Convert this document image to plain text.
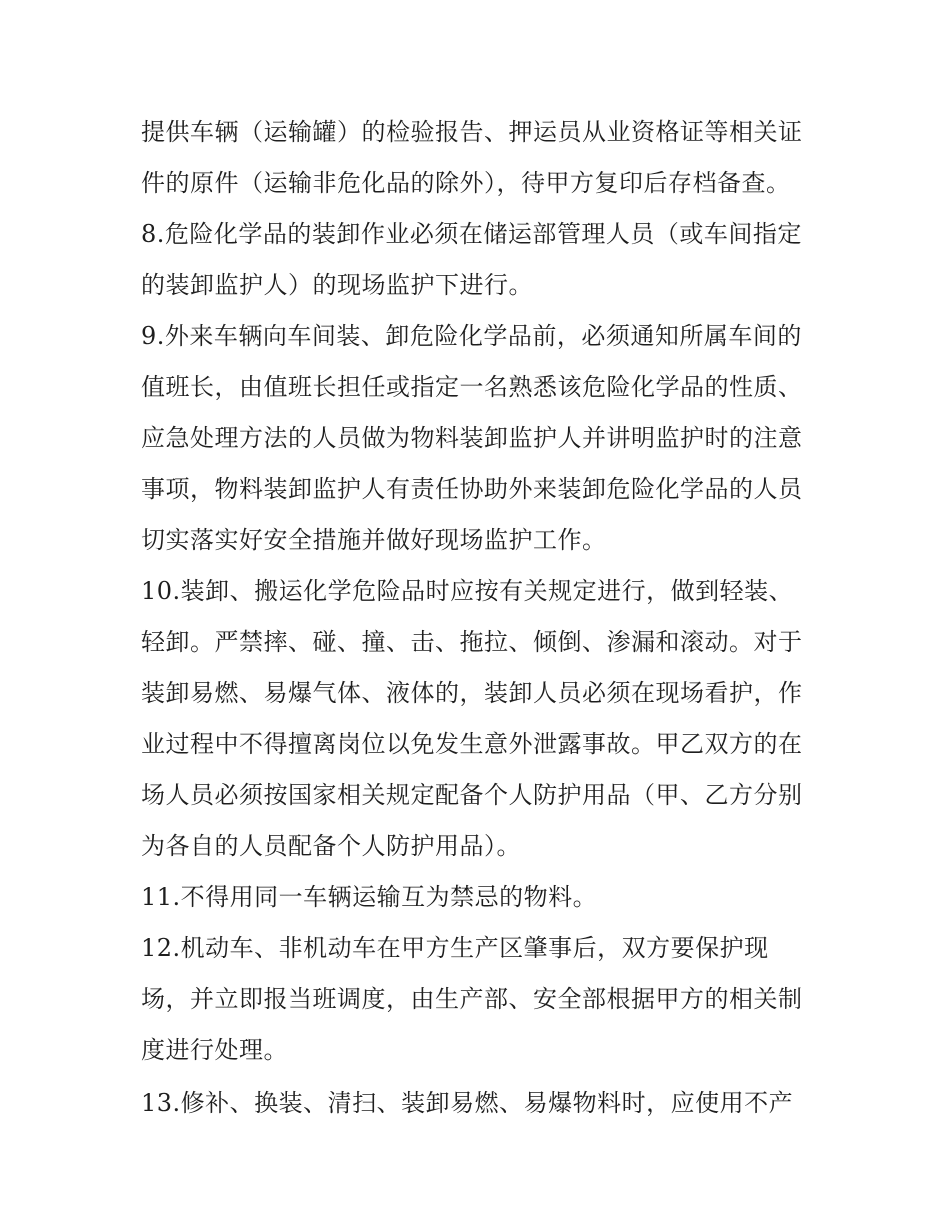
提供车辆（运输罐）的检验报告、押运员从业资格证等相关证
件的原件（运输非危化品的除外），待甲方复印后存档备查。
8.危险化学品的装卸作业必须在储运部管理人员（或车间指定
的装卸监护人）的现场监护下进行。
9.外来车辆向车间装、卸危险化学品前，必须通知所属车间的
值班长，由值班长担任或指定一名熟悉该危险化学品的性质、
应急处理方法的人员做为物料装卸监护人并讲明监护时的注意
事项，物料装卸监护人有责任协助外来装卸危险化学品的人员
切实落实好安全措施并做好现场监护工作。
10.装卸、搬运化学危险品时应按有关规定进行，做到轻装、
轻卸。严禁摔、碰、撞、击、拖拉、倾倒、渗漏和滚动。对于
装卸易燃、易爆气体、液体的，装卸人员必须在现场看护，作
业过程中不得擅离岗位以免发生意外泄露事故。甲乙双方的在
场人员必须按国家相关规定配备个人防护用品（甲、乙方分别
为各自的人员配备个人防护用品）。
11.不得用同一车辆运输互为禁忌的物料。
12.机动车、非机动车在甲方生产区肇事后，双方要保护现
场，并立即报当班调度，由生产部、安全部根据甲方的相关制
度进行处理。
13.修补、换装、清扫、装卸易燃、易爆物料时，应使用不产
